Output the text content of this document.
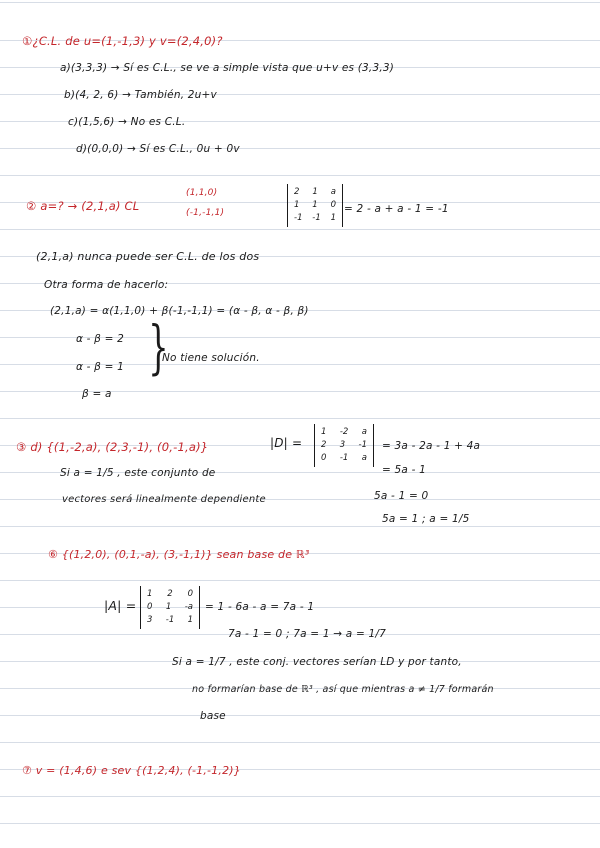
①¿C.L. de u=(1,-1,3) y v=(2,4,0)?
a)(3,3,3) → Sí es C.L., se ve a simple vista que u+v es (3,3,3)
b)(4, 2, 6) → También, 2u+v
c)(1,5,6) → No es C.L.
d)(0,0,0) → Sí es C.L., 0u + 0v
② a=? → (2,1,a) CL
(1,1,0)
(-1,-1,1)
2 1 a
1 1 0
-1 -1 1
= 2 - a + a - 1 = -1
(2,1,a) nunca puede ser C.L. de los dos
Otra forma de hacerlo:
(2,1,a) = α(1,1,0) + β(-1,-1,1) = (α - β, α - β, β)
α - β = 2
α - β = 1
β = a
}
No tiene solución.
③ d) {(1,-2,a), (2,3,-1), (0,-1,a)}	|D| =
1 -2 a
2 3 -1
0 -1 a
= 3a - 2a - 1 + 4a
= 5a - 1
Si a = 1/5 , este conjunto de
vectores será linealmente dependiente	5a - 1 = 0
5a = 1 ; a = 1/5
⑥ {(1,2,0), (0,1,-a), (3,-1,1)} sean base de ℝ³
|A| =
1 2 0
0 1 -a
3 -1 1
= 1 - 6a - a = 7a - 1
7a - 1 = 0 ; 7a = 1 → a = 1/7
Si a = 1/7 , este conj. vectores serían LD y por tanto,
no formarían base de ℝ³ , así que mientras a ≠ 1/7 formarán
base
⑦ v = (1,4,6) e sev {(1,2,4), (-1,-1,2)}
